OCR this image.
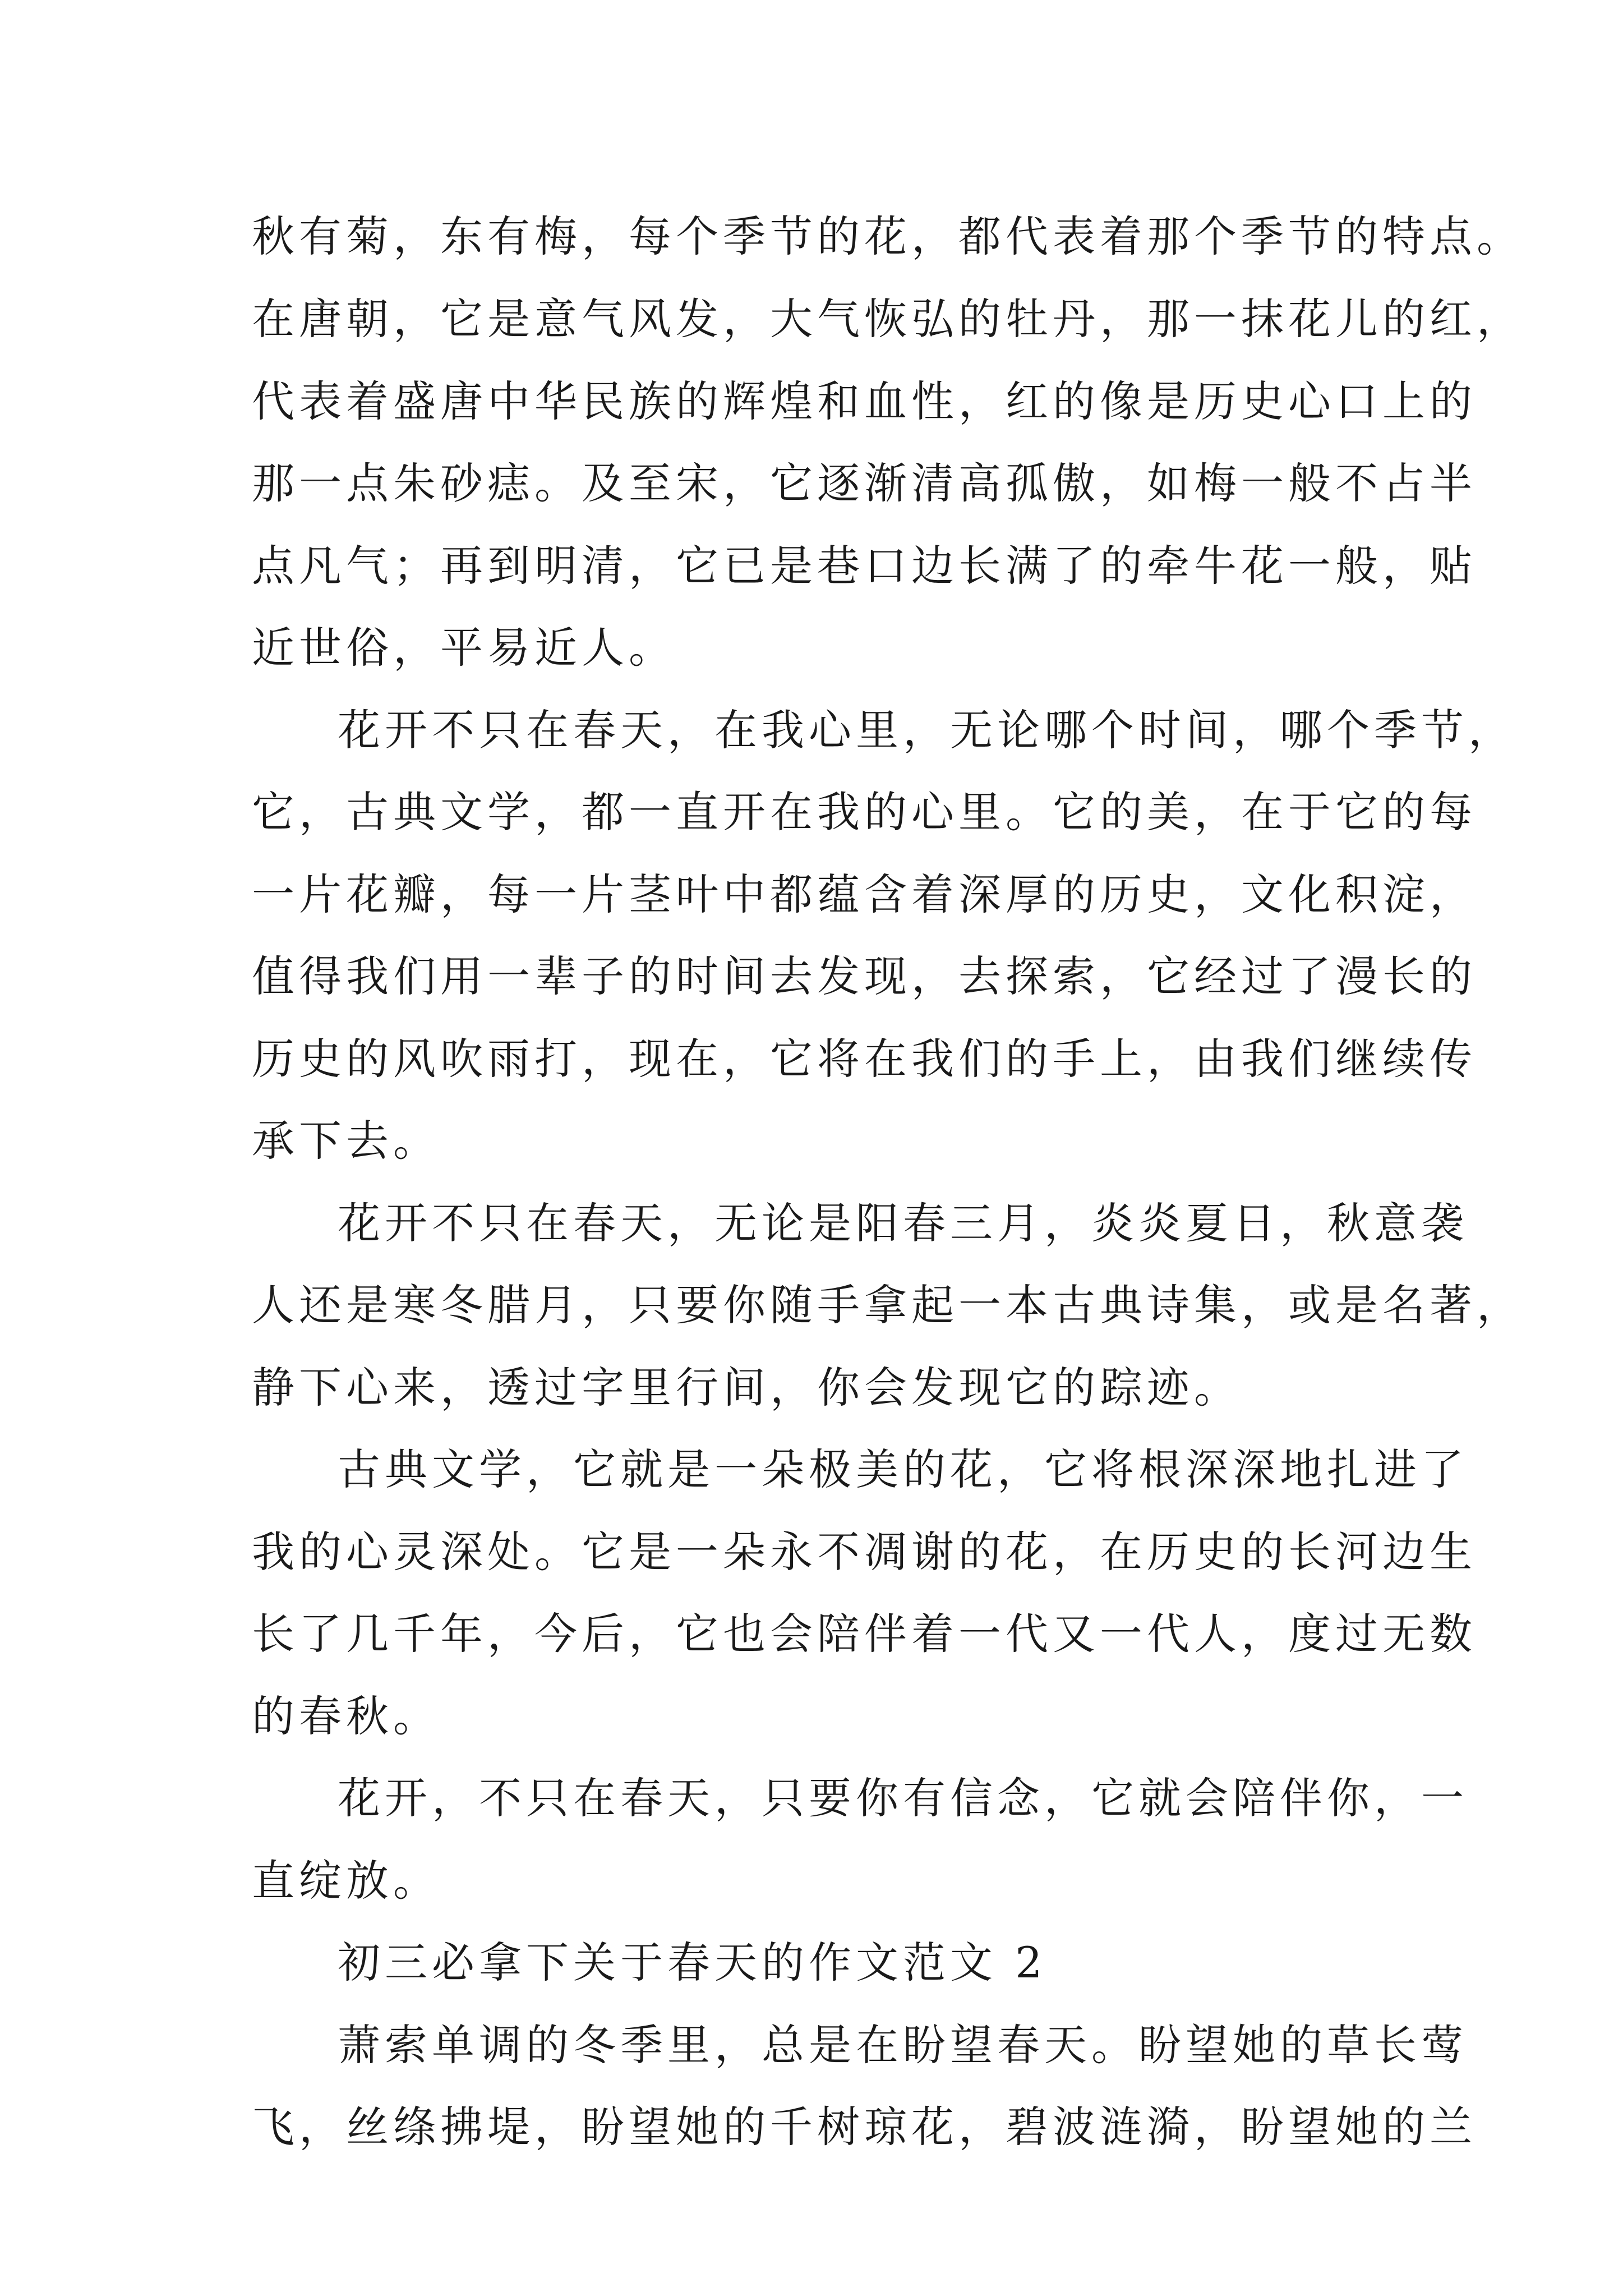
秋有菊，东有梅，每个季节的花，都代表着那个季节的特点。
在唐朝，它是意气风发，大气恢弘的牡丹，那一抹花儿的红，
代表着盛唐中华民族的辉煌和血性，红的像是历史心口上的
那一点朱砂痣。及至宋，它逐渐清高孤傲，如梅一般不占半
点凡气；再到明清，它已是巷口边长满了的牵牛花一般，贴
近世俗，平易近人。
花开不只在春天，在我心里，无论哪个时间，哪个季节，
它，古典文学，都一直开在我的心里。它的美，在于它的每
一片花瓣，每一片茎叶中都蕴含着深厚的历史，文化积淀，
值得我们用一辈子的时间去发现，去探索，它经过了漫长的
历史的风吹雨打，现在，它将在我们的手上，由我们继续传
承下去。
花开不只在春天，无论是阳春三月，炎炎夏日，秋意袭
人还是寒冬腊月，只要你随手拿起一本古典诗集，或是名著，
静下心来，透过字里行间，你会发现它的踪迹。
古典文学，它就是一朵极美的花，它将根深深地扎进了
我的心灵深处。它是一朵永不凋谢的花，在历史的长河边生
长了几千年，今后，它也会陪伴着一代又一代人，度过无数
的春秋。
花开，不只在春天，只要你有信念，它就会陪伴你，一
直绽放。
初三必拿下关于春天的作文范文 2
萧索单调的冬季里，总是在盼望春天。盼望她的草长莺
飞，丝绦拂堤，盼望她的千树琼花，碧波涟漪，盼望她的兰
